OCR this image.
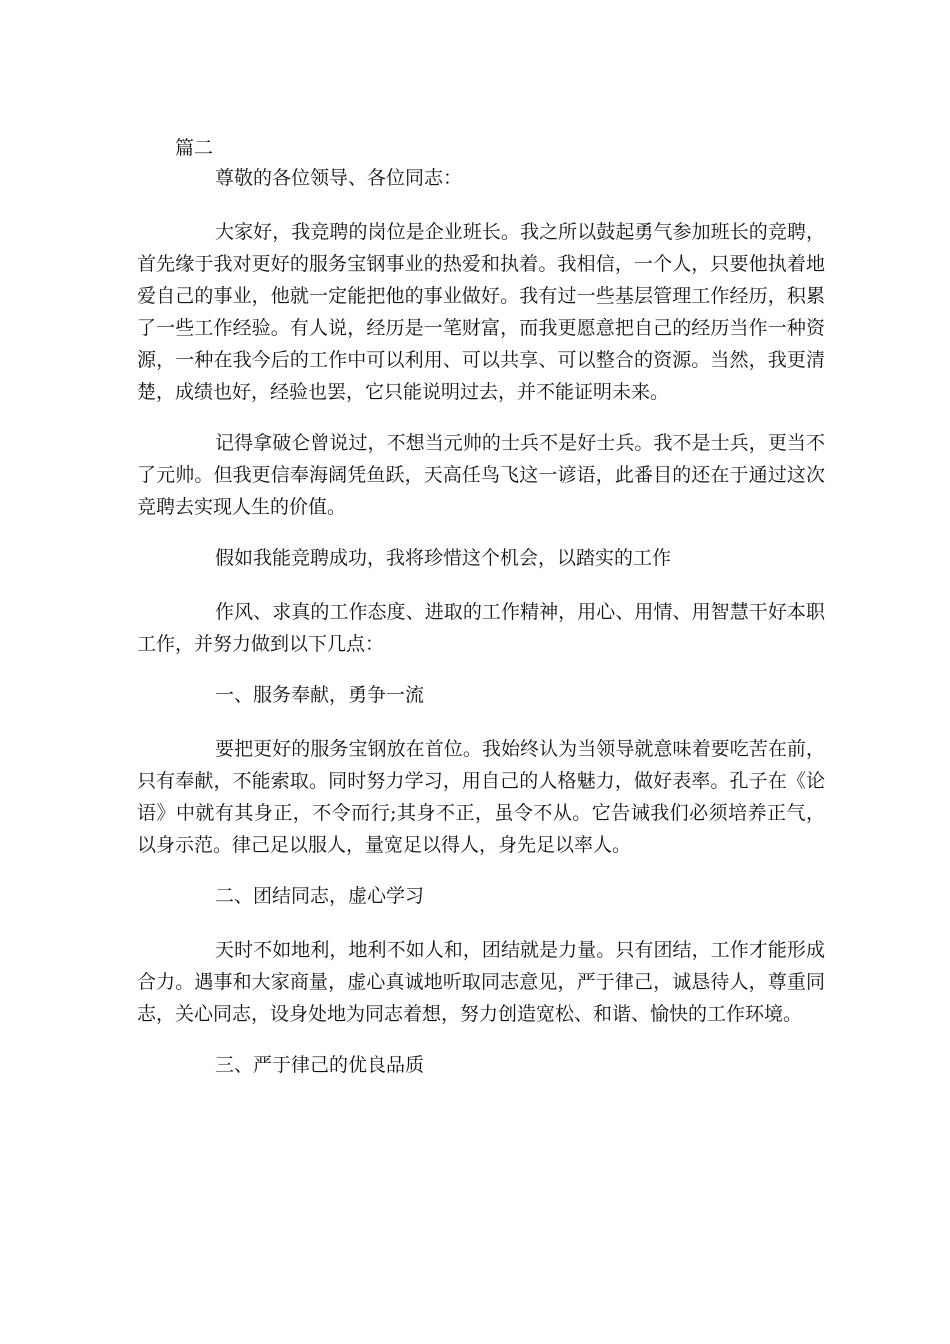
篇二

尊敬的各位领导、各位同志：

大家好，我竞聘的岗位是企业班长。我之所以鼓起勇气参加班长的竞聘，首先缘于我对更好的服务宝钢事业的热爱和执着。我相信，一个人，只要他执着地爱自己的事业，他就一定能把他的事业做好。我有过一些基层管理工作经历，积累了一些工作经验。有人说，经历是一笔财富，而我更愿意把自己的经历当作一种资源，一种在我今后的工作中可以利用、可以共享、可以整合的资源。当然，我更清楚，成绩也好，经验也罢，它只能说明过去，并不能证明未来。

记得拿破仑曾说过，不想当元帅的士兵不是好士兵。我不是士兵，更当不了元帅。但我更信奉海阔凭鱼跃，天高任鸟飞这一谚语，此番目的还在于通过这次竞聘去实现人生的价值。

假如我能竞聘成功，我将珍惜这个机会，以踏实的工作

作风、求真的工作态度、进取的工作精神，用心、用情、用智慧干好本职工作，并努力做到以下几点：

一、服务奉献，勇争一流

要把更好的服务宝钢放在首位。我始终认为当领导就意味着要吃苦在前，只有奉献，不能索取。同时努力学习，用自己的人格魅力，做好表率。孔子在《论语》中就有其身正，不令而行;其身不正，虽令不从。它告诫我们必须培养正气，以身示范。律己足以服人，量宽足以得人，身先足以率人。

二、团结同志，虚心学习

天时不如地利，地利不如人和，团结就是力量。只有团结，工作才能形成合力。遇事和大家商量，虚心真诚地听取同志意见，严于律己，诚恳待人，尊重同志，关心同志，设身处地为同志着想，努力创造宽松、和谐、愉快的工作环境。

三、严于律己的优良品质
